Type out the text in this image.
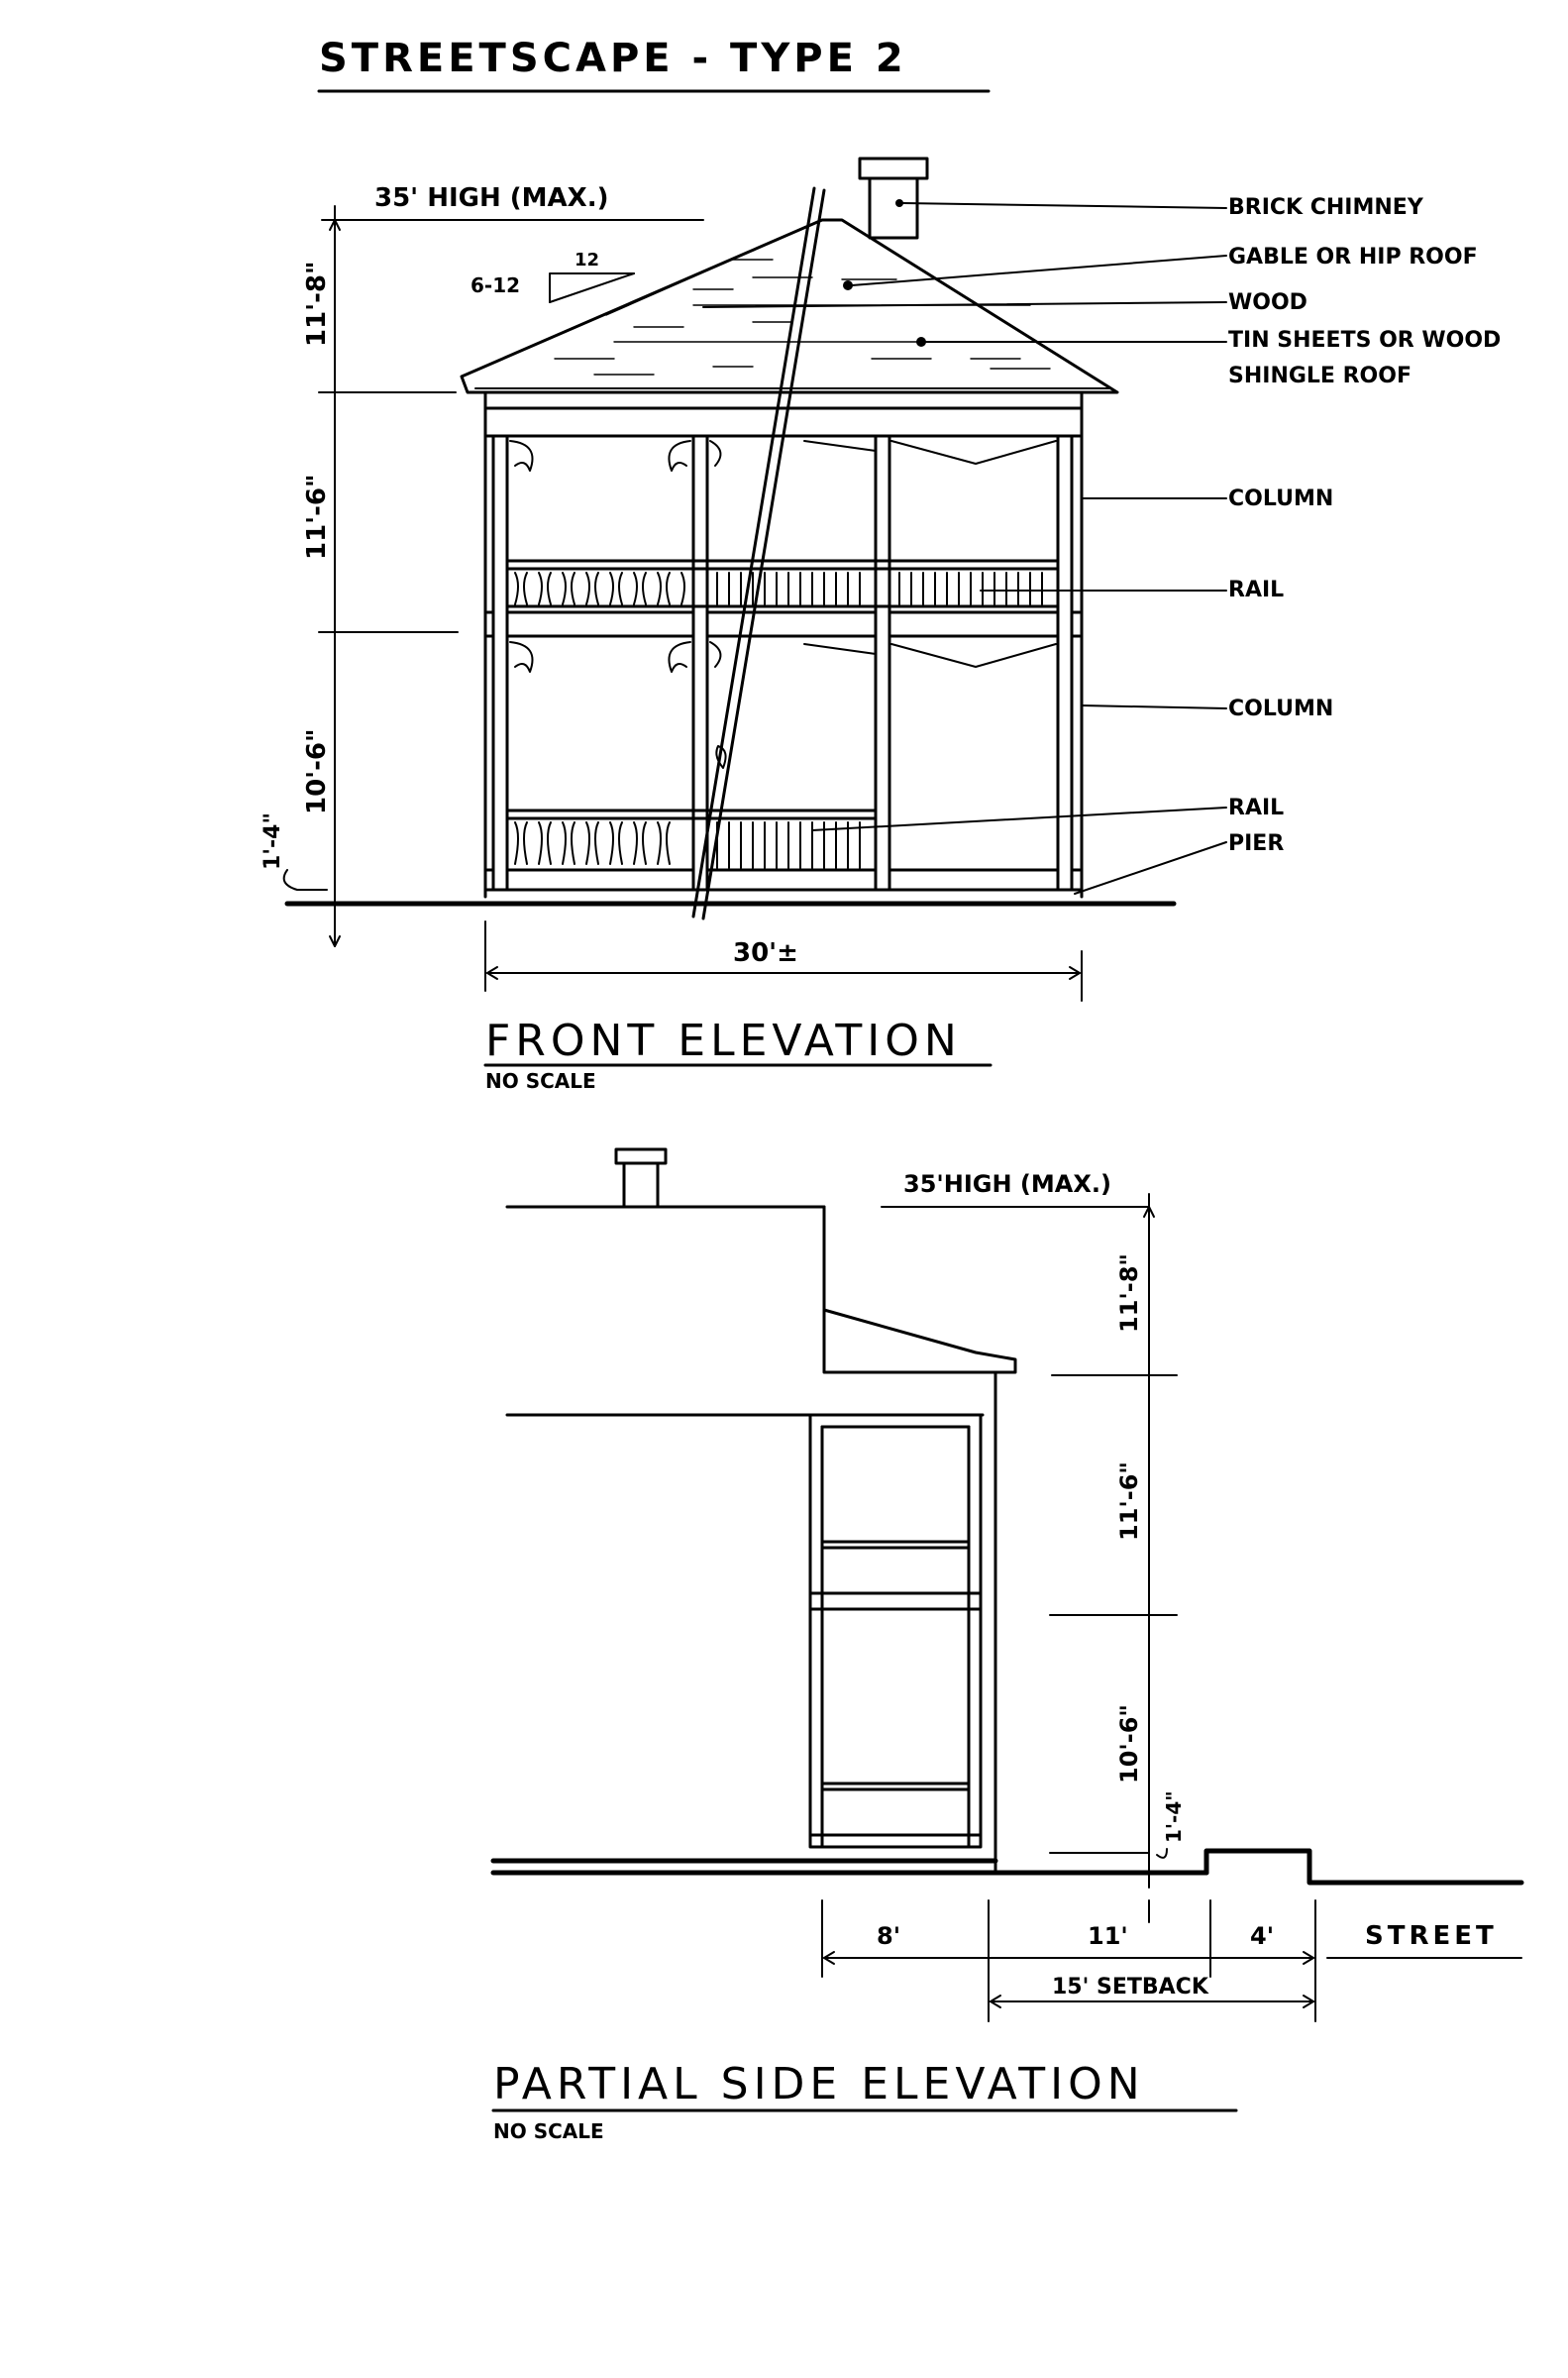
STREETSCAPE - TYPE 2
35' HIGH (MAX.)
11'-8"
11'-6"
10'-6"
1'-4"
6-12
12
BRICK CHIMNEY
GABLE OR HIP ROOF
WOOD
TIN SHEETS OR WOOD
SHINGLE ROOF
COLUMN
RAIL
COLUMN
RAIL
PIER
30'±
FRONT ELEVATION
NO SCALE
35'HIGH (MAX.)
11'-8"
11'-6"
10'-6"
1'-4"
8'	11'	4'
15' SETBACK
STREET
PARTIAL SIDE ELEVATION
NO SCALE
